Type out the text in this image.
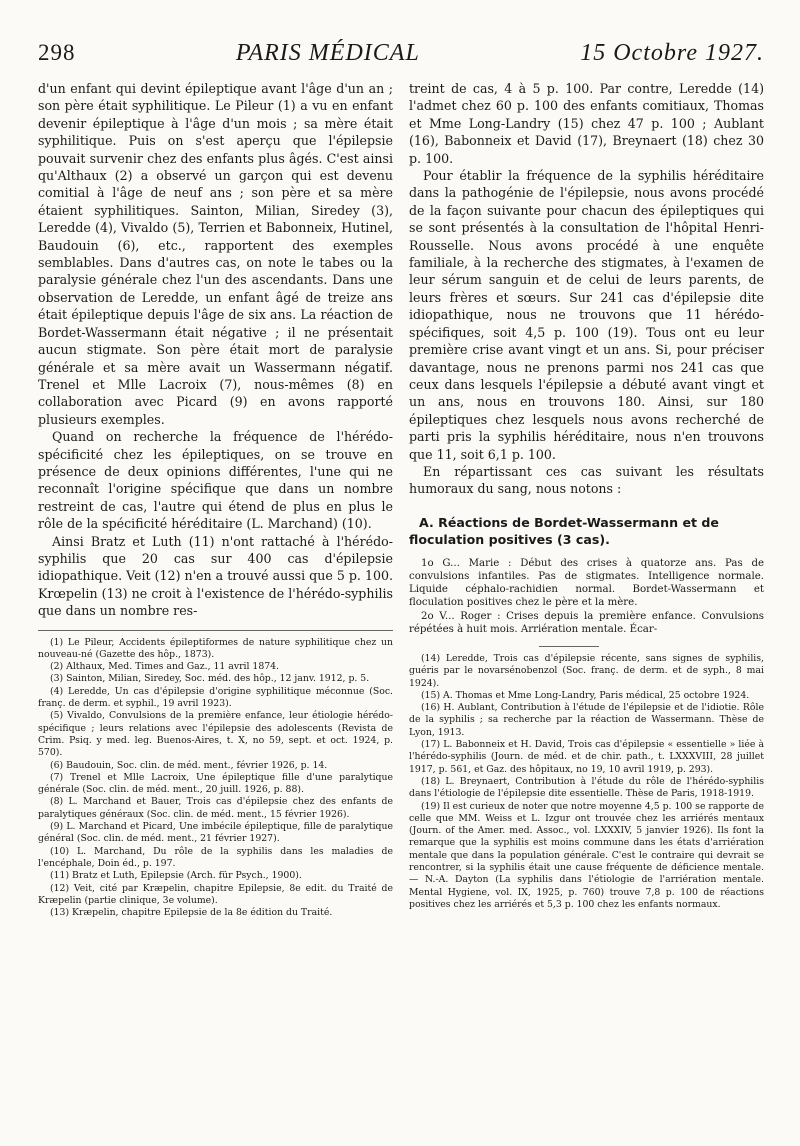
298	PARIS MÉDICAL	15 Octobre 1927.

d'un enfant qui devint épileptique avant l'âge d'un an ; son père était syphilitique. Le Pileur (1) a vu en enfant devenir épileptique à l'âge d'un mois ; sa mère était syphilitique. Puis on s'est aperçu que l'épilepsie pouvait survenir chez des enfants plus âgés. C'est ainsi qu'Althaux (2) a observé un garçon qui est devenu comitial à l'âge de neuf ans ; son père et sa mère étaient syphilitiques. Sainton, Milian, Siredey (3), Leredde (4), Vivaldo (5), Terrien et Babonneix, Hutinel, Baudouin (6), etc., rapportent des exemples semblables. Dans d'autres cas, on note le tabes ou la paralysie générale chez l'un des ascendants. Dans une observation de Leredde, un enfant âgé de treize ans était épileptique depuis l'âge de six ans. La réaction de Bordet-Wassermann était négative ; il ne présentait aucun stigmate. Son père était mort de paralysie générale et sa mère avait un Wassermann négatif. Trenel et Mlle Lacroix (7), nous-mêmes (8) en collaboration avec Picard (9) en avons rapporté plusieurs exemples.

Quand on recherche la fréquence de l'hérédo-spécificité chez les épileptiques, on se trouve en présence de deux opinions différentes, l'une qui ne reconnaît l'origine spécifique que dans un nombre restreint de cas, l'autre qui étend de plus en plus le rôle de la spécificité héréditaire (L. Marchand) (10).

Ainsi Bratz et Luth (11) n'ont rattaché à l'hérédo-syphilis que 20 cas sur 400 cas d'épilepsie idiopathique. Veit (12) n'en a trouvé aussi que 5 p. 100. Krœpelin (13) ne croit à l'existence de l'hérédo-syphilis que dans un nombre res-

(1) Le Pileur, Accidents épileptiformes de nature syphilitique chez un nouveau-né (Gazette des hôp., 1873).

(2) Althaux, Med. Times and Gaz., 11 avril 1874.

(3) Sainton, Milian, Siredey, Soc. méd. des hôp., 12 janv. 1912, p. 5.

(4) Leredde, Un cas d'épilepsie d'origine syphilitique méconnue (Soc. franç. de derm. et syphil., 19 avril 1923).

(5) Vivaldo, Convulsions de la première enfance, leur étiologie hérédo-spécifique ; leurs relations avec l'épilepsie des adolescents (Revista de Crim. Psiq. y med. leg. Buenos-Aires, t. X, no 59, sept. et oct. 1924, p. 570).

(6) Baudouin, Soc. clin. de méd. ment., février 1926, p. 14.

(7) Trenel et Mlle Lacroix, Une épileptique fille d'une paralytique générale (Soc. clin. de méd. ment., 20 juill. 1926, p. 88).

(8) L. Marchand et Bauer, Trois cas d'épilepsie chez des enfants de paralytiques généraux (Soc. clin. de méd. ment., 15 février 1926).

(9) L. Marchand et Picard, Une imbécile épileptique, fille de paralytique général (Soc. clin. de méd. ment., 21 février 1927).

(10) L. Marchand, Du rôle de la syphilis dans les maladies de l'encéphale, Doin éd., p. 197.

(11) Bratz et Luth, Epilepsie (Arch. für Psych., 1900).

(12) Veit, cité par Kræpelin, chapitre Epilepsie, 8e edit. du Traité de Kræpelin (partie clinique, 3e volume).

(13) Kræpelin, chapitre Epilepsie de la 8e édition du Traité.

treint de cas, 4 à 5 p. 100. Par contre, Leredde (14) l'admet chez 60 p. 100 des enfants comitiaux, Thomas et Mme Long-Landry (15) chez 47 p. 100 ; Aublant (16), Babonneix et David (17), Breynaert (18) chez 30 p. 100.

Pour établir la fréquence de la syphilis héréditaire dans la pathogénie de l'épilepsie, nous avons procédé de la façon suivante pour chacun des épileptiques qui se sont présentés à la consultation de l'hôpital Henri-Rousselle. Nous avons procédé à une enquête familiale, à la recherche des stigmates, à l'examen de leur sérum sanguin et de celui de leurs parents, de leurs frères et sœurs. Sur 241 cas d'épilepsie dite idiopathique, nous ne trouvons que 11 hérédo-spécifiques, soit 4,5 p. 100 (19). Tous ont eu leur première crise avant vingt et un ans. Si, pour préciser davantage, nous ne prenons parmi nos 241 cas que ceux dans lesquels l'épilepsie a débuté avant vingt et un ans, nous en trouvons 180. Ainsi, sur 180 épileptiques chez lesquels nous avons recherché de parti pris la syphilis héréditaire, nous n'en trouvons que 11, soit 6,1 p. 100.

En répartissant ces cas suivant les résultats humoraux du sang, nous notons :

A. Réactions de Bordet-Wassermann et de floculation positives (3 cas).

1o G... Marie : Début des crises à quatorze ans. Pas de convulsions infantiles. Pas de stigmates. Intelligence normale. Liquide céphalo-rachidien normal. Bordet-Wassermann et floculation positives chez le père et la mère.

2o V... Roger : Crises depuis la première enfance. Convulsions répétées à huit mois. Arriération mentale. Écar-

(14) Leredde, Trois cas d'épilepsie récente, sans signes de syphilis, guéris par le novarsénobenzol (Soc. franç. de derm. et de syph., 8 mai 1924).

(15) A. Thomas et Mme Long-Landry, Paris médical, 25 octobre 1924.

(16) H. Aublant, Contribution à l'étude de l'épilepsie et de l'idiotie. Rôle de la syphilis ; sa recherche par la réaction de Wassermann. Thèse de Lyon, 1913.

(17) L. Babonneix et H. David, Trois cas d'épilepsie « essentielle » liée à l'hérédo-syphilis (Journ. de méd. et de chir. path., t. LXXXVIII, 28 juillet 1917, p. 561, et Gaz. des hôpitaux, no 19, 10 avril 1919, p. 293).

(18) L. Breynaert, Contribution à l'étude du rôle de l'hérédo-syphilis dans l'étiologie de l'épilepsie dite essentielle. Thèse de Paris, 1918-1919.

(19) Il est curieux de noter que notre moyenne 4,5 p. 100 se rapporte de celle que MM. Weiss et L. Izgur ont trouvée chez les arriérés mentaux (Journ. of the Amer. med. Assoc., vol. LXXXIV, 5 janvier 1926). Ils font la remarque que la syphilis est moins commune dans les états d'arriération mentale que dans la population générale. C'est le contraire qui devrait se rencontrer, si la syphilis était une cause fréquente de déficience mentale. — N.-A. Dayton (La syphilis dans l'étiologie de l'arriération mentale. Mental Hygiene, vol. IX, 1925, p. 760) trouve 7,8 p. 100 de réactions positives chez les arriérés et 5,3 p. 100 chez les enfants normaux.
